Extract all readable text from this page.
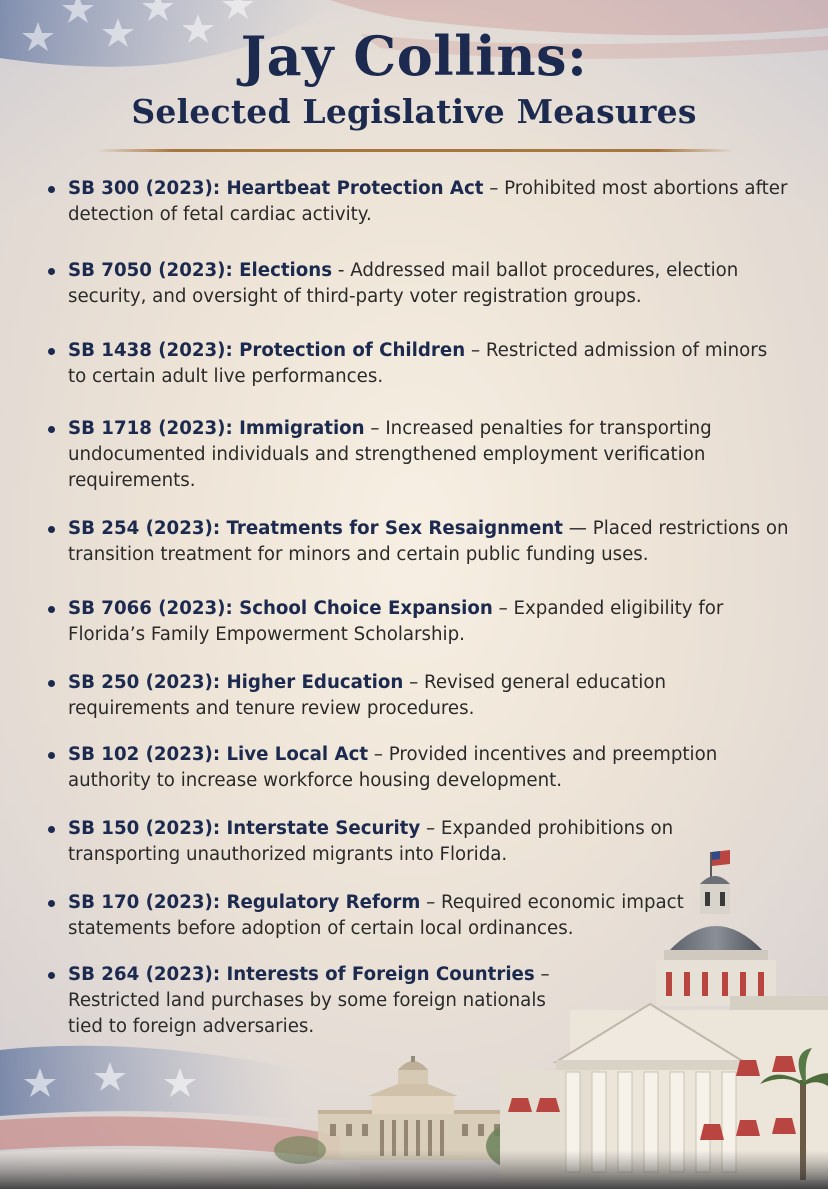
Jay Collins:
Selected Legislative Measures
SB 300 (2023): Heartbeat Protection Act – Prohibited most abortions after detection of fetal cardiac activity.
SB 7050 (2023): Elections - Addressed mail ballot procedures, election security, and oversight of third-party voter registration groups.
SB 1438 (2023): Protection of Children – Restricted admission of minors to certain adult live performances.
SB 1718 (2023): Immigration – Increased penalties for transporting undocumented individuals and strengthened employment verification requirements.
SB 254 (2023): Treatments for Sex Resaignment — Placed restrictions on transition treatment for minors and certain public funding uses.
SB 7066 (2023): School Choice Expansion – Expanded eligibility for Florida’s Family Empowerment Scholarship.
SB 250 (2023): Higher Education – Revised general education requirements and tenure review procedures.
SB 102 (2023): Live Local Act – Provided incentives and preemption authority to increase workforce housing development.
SB 150 (2023): Interstate Security – Expanded prohibitions on transporting unauthorized migrants into Florida.
SB 170 (2023): Regulatory Reform – Required economic impact statements before adoption of certain local ordinances.
SB 264 (2023): Interests of Foreign Countries – Restricted land purchases by some foreign nationals tied to foreign adversaries.
